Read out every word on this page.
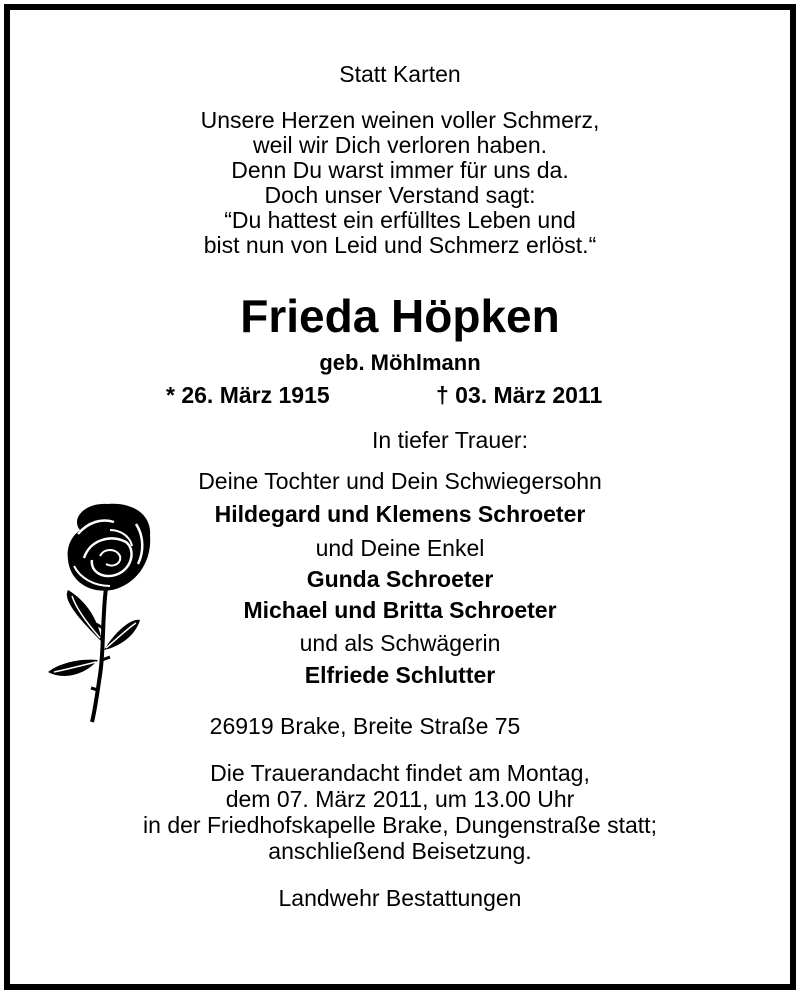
Statt Karten
Unsere Herzen weinen voller Schmerz,
weil wir Dich verloren haben.
Denn Du warst immer für uns da.
Doch unser Verstand sagt:
“Du hattest ein erfülltes Leben und
bist nun von Leid und Schmerz erlöst.“
Frieda Höpken
geb. Möhlmann
* 26. März 1915	† 03. März 2011
In tiefer Trauer:
Deine Tochter und Dein Schwiegersohn
Hildegard und Klemens Schroeter
und Deine Enkel
Gunda Schroeter
Michael und Britta Schroeter
und als Schwägerin
Elfriede Schlutter
26919 Brake, Breite Straße 75
Die Trauerandacht findet am Montag,
dem 07. März 2011, um 13.00 Uhr
in der Friedhofskapelle Brake, Dungenstraße statt;
anschließend Beisetzung.
Landwehr Bestattungen
